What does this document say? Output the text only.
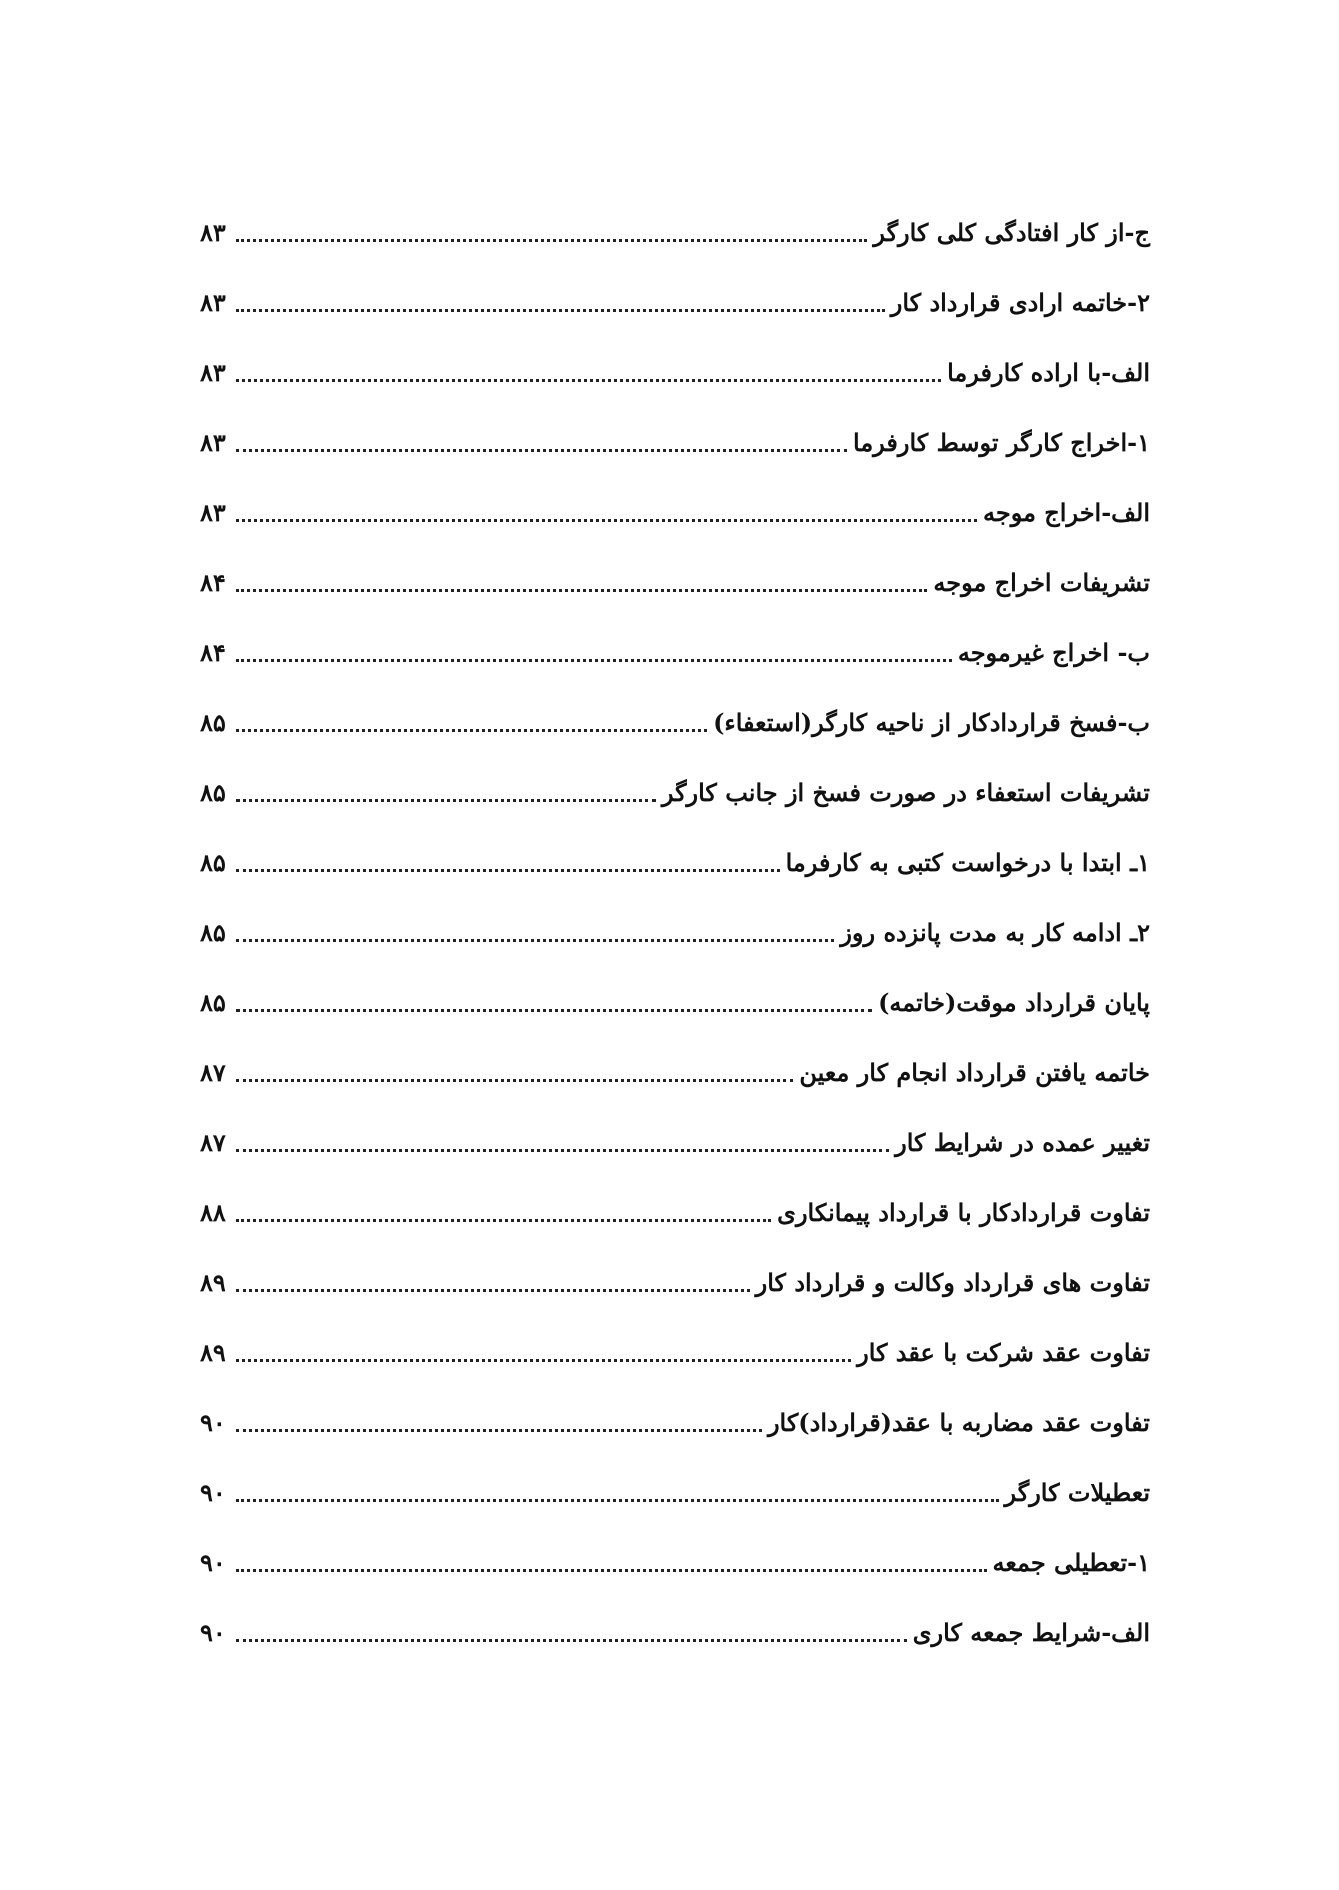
ج-از کار افتادگی کلی کارگر
۸۳
۲-خاتمه ارادی قرارداد کار
۸۳
الف-با اراده کارفرما
۸۳
۱-اخراج کارگر توسط کارفرما
۸۳
الف-اخراج موجه
۸۳
تشریفات اخراج موجه
۸۴
ب- اخراج غیرموجه
۸۴
ب-فسخ قراردادکار از ناحیه کارگر(استعفاء)
۸۵
تشریفات استعفاء در صورت فسخ از جانب کارگر
۸۵
۱ـ ابتدا با درخواست کتبی به کارفرما
۸۵
۲ـ ادامه کار به مدت پانزده روز
۸۵
پایان قرارداد موقت(خاتمه)
۸۵
خاتمه یافتن قرارداد انجام کار معین
۸۷
تغییر عمده در شرایط کار
۸۷
تفاوت قراردادکار با قرارداد پیمانکاری
۸۸
تفاوت های قرارداد وکالت و قرارداد کار
۸۹
تفاوت عقد شرکت با عقد کار
۸۹
تفاوت عقد مضاربه با عقد(قرارداد)کار
۹۰
تعطیلات کارگر
۹۰
۱-تعطیلی جمعه
۹۰
الف-شرایط جمعه کاری
۹۰
